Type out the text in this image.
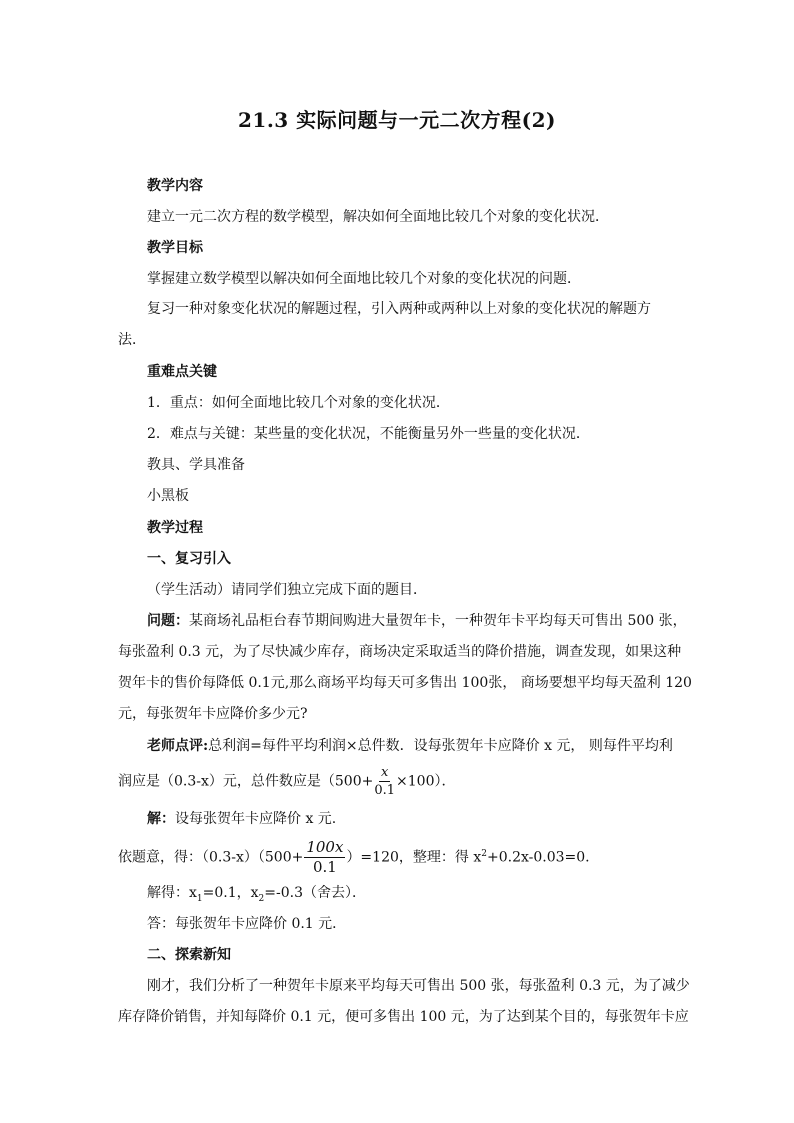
21.3 实际问题与一元二次方程(2)
教学内容
建立一元二次方程的数学模型，解决如何全面地比较几个对象的变化状况．
教学目标
掌握建立数学模型以解决如何全面地比较几个对象的变化状况的问题．
复习一种对象变化状况的解题过程，引入两种或两种以上对象的变化状况的解题方
法．
重难点关键
1．重点：如何全面地比较几个对象的变化状况．
2．难点与关键：某些量的变化状况，不能衡量另外一些量的变化状况．
教具、学具准备
小黑板
教学过程
一、复习引入
（学生活动）请同学们独立完成下面的题目．
问题：某商场礼品柜台春节期间购进大量贺年卡，一种贺年卡平均每天可售出 500 张，
每张盈利 0.3 元，为了尽快减少库存，商场决定采取适当的降价措施，调查发现，如果这种
贺年卡的售价每降低 0.1元,那么商场平均每天可多售出 100张， 商场要想平均每天盈利 120
元，每张贺年卡应降价多少元?
老师点评:总利润=每件平均利润×总件数．设每张贺年卡应降价 x 元， 则每件平均利
润应是（0.3-x）元，总件数应是$(500+ \frac{x}{0.1} \times 100)$．
解：设每张贺年卡应降价 x 元.
依题意，得：$(0.3-x)(500+ \frac{100x}{0.1} )=120$，整理：得 $x^2+0.2x-0.03=0$.
解得：$x_1=0.1$，$x_2=-0.3$（舍去）．
答：每张贺年卡应降价 0.1 元．
二、探索新知
刚才，我们分析了一种贺年卡原来平均每天可售出 500 张，每张盈利 0.3 元，为了减少
库存降价销售，并知每降价 0.1 元，便可多售出 100 元，为了达到某个目的，每张贺年卡应
